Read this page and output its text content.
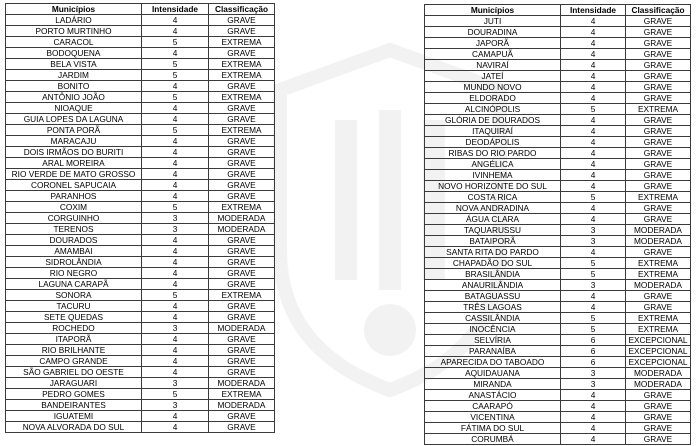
Municípios	Intensidade	Classificação
LADÁRIO	4	GRAVE
PORTO MURTINHO	4	GRAVE
CARACOL	5	EXTREMA
BODOQUENA	4	GRAVE
BELA VISTA	5	EXTREMA
JARDIM	5	EXTREMA
BONITO	4	GRAVE
ANTÔNIO JOÃO	5	EXTREMA
NIOAQUE	4	GRAVE
GUIA LOPES DA LAGUNA	4	GRAVE
PONTA PORÃ	5	EXTREMA
MARACAJU	4	GRAVE
DOIS IRMÃOS DO BURITI	4	GRAVE
ARAL MOREIRA	4	GRAVE
RIO VERDE DE MATO GROSSO	4	GRAVE
CORONEL SAPUCAIA	4	GRAVE
PARANHOS	4	GRAVE
COXIM	5	EXTREMA
CORGUINHO	3	MODERADA
TERENOS	3	MODERADA
DOURADOS	4	GRAVE
AMAMBAI	4	GRAVE
SIDROLÂNDIA	4	GRAVE
RIO NEGRO	4	GRAVE
LAGUNA CARAPÃ	4	GRAVE
SONORA	5	EXTREMA
TACURU	4	GRAVE
SETE QUEDAS	4	GRAVE
ROCHEDO	3	MODERADA
ITAPORÃ	4	GRAVE
RIO BRILHANTE	4	GRAVE
CAMPO GRANDE	4	GRAVE
SÃO GABRIEL DO OESTE	4	GRAVE
JARAGUARI	3	MODERADA
PEDRO GOMES	5	EXTREMA
BANDEIRANTES	3	MODERADA
IGUATEMI	4	GRAVE
NOVA ALVORADA DO SUL	4	GRAVE
Municípios	Intensidade	Classificação
JUTI	4	GRAVE
DOURADINA	4	GRAVE
JAPORÃ	4	GRAVE
CAMAPUÃ	4	GRAVE
NAVIRAÍ	4	GRAVE
JATEÍ	4	GRAVE
MUNDO NOVO	4	GRAVE
ELDORADO	4	GRAVE
ALCINÓPOLIS	5	EXTREMA
GLÓRIA DE DOURADOS	4	GRAVE
ITAQUIRAÍ	4	GRAVE
DEODÁPOLIS	4	GRAVE
RIBAS DO RIO PARDO	4	GRAVE
ANGÉLICA	4	GRAVE
IVINHEMA	4	GRAVE
NOVO HORIZONTE DO SUL	4	GRAVE
COSTA RICA	5	EXTREMA
NOVA ANDRADINA	4	GRAVE
ÁGUA CLARA	4	GRAVE
TAQUARUSSU	3	MODERADA
BATAIPORÃ	3	MODERADA
SANTA RITA DO PARDO	4	GRAVE
CHAPADÃO DO SUL	5	EXTREMA
BRASILÂNDIA	5	EXTREMA
ANAURILÂNDIA	3	MODERADA
BATAGUASSU	4	GRAVE
TRÊS LAGOAS	4	GRAVE
CASSILÂNDIA	5	EXTREMA
INOCÊNCIA	5	EXTREMA
SELVÍRIA	6	EXCEPCIONAL
PARANAÍBA	6	EXCEPCIONAL
APARECIDA DO TABOADO	6	EXCEPCIONAL
AQUIDAUANA	3	MODERADA
MIRANDA	3	MODERADA
ANASTÁCIO	4	GRAVE
CAARAPÓ	4	GRAVE
VICENTINA	4	GRAVE
FÁTIMA DO SUL	4	GRAVE
CORUMBÁ	4	GRAVE
